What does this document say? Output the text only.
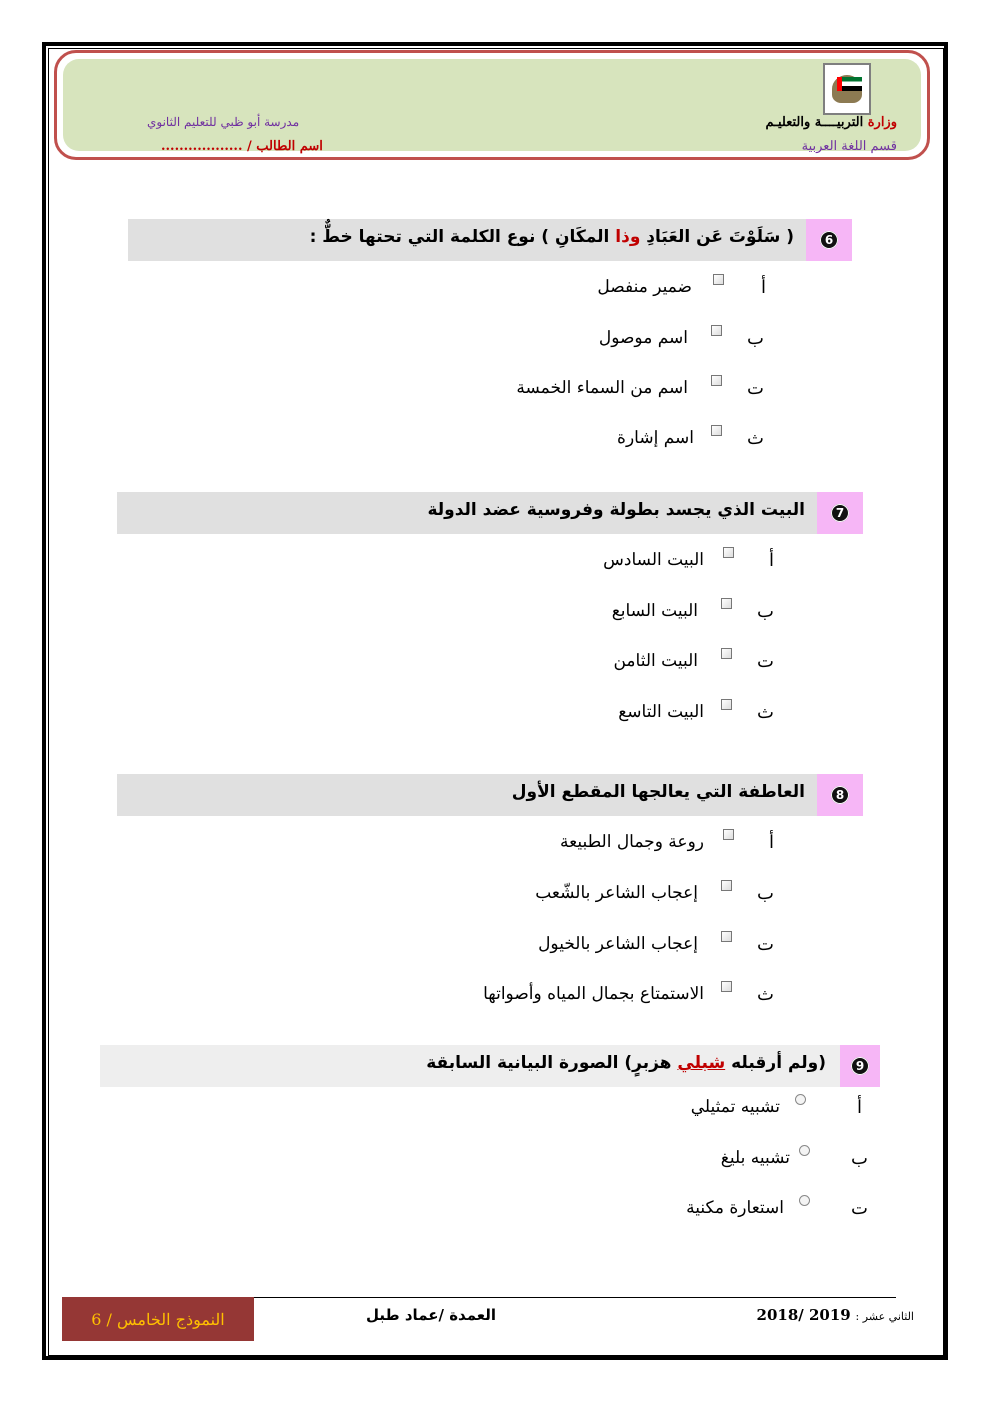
وزارة التربيــــة والتعليـم
قسم اللغة العربية
مدرسة أبو ظبي للتعليم الثانوي
اسم الطالب / ..................
6
( سَلَوْتَ عَن العَبَادِ وذا المكَانِ ) نوع الكلمة التي تحتها خطٌّ :
أ
ضمير منفصل
ب
اسم موصول
ت
اسم من السماء الخمسة
ث
اسم إشارة
7
البيت الذي يجسد بطولة وفروسية عضد الدولة
أ
البيت السادس
ب
البيت السابع
ت
البيت الثامن
ث
البيت التاسع
8
العاطفة التي يعالجها المقطع الأول
أ
روعة وجمال الطبيعة
ب
إعجاب الشاعر بالشّعب
ت
إعجاب الشاعر بالخيول
ث
الاستمتاع بجمال المياه وأصواتها
9
(ولم أرقبله شبلي هزبرٍ) الصورة البيانية السابقة
أ
تشبيه تمثيلي
ب
تشبيه بليغ
ت
استعارة مكنية
النموذج الخامس / 6	العمدة /عماد طبل	الثاني عشر : 2019 /2018
